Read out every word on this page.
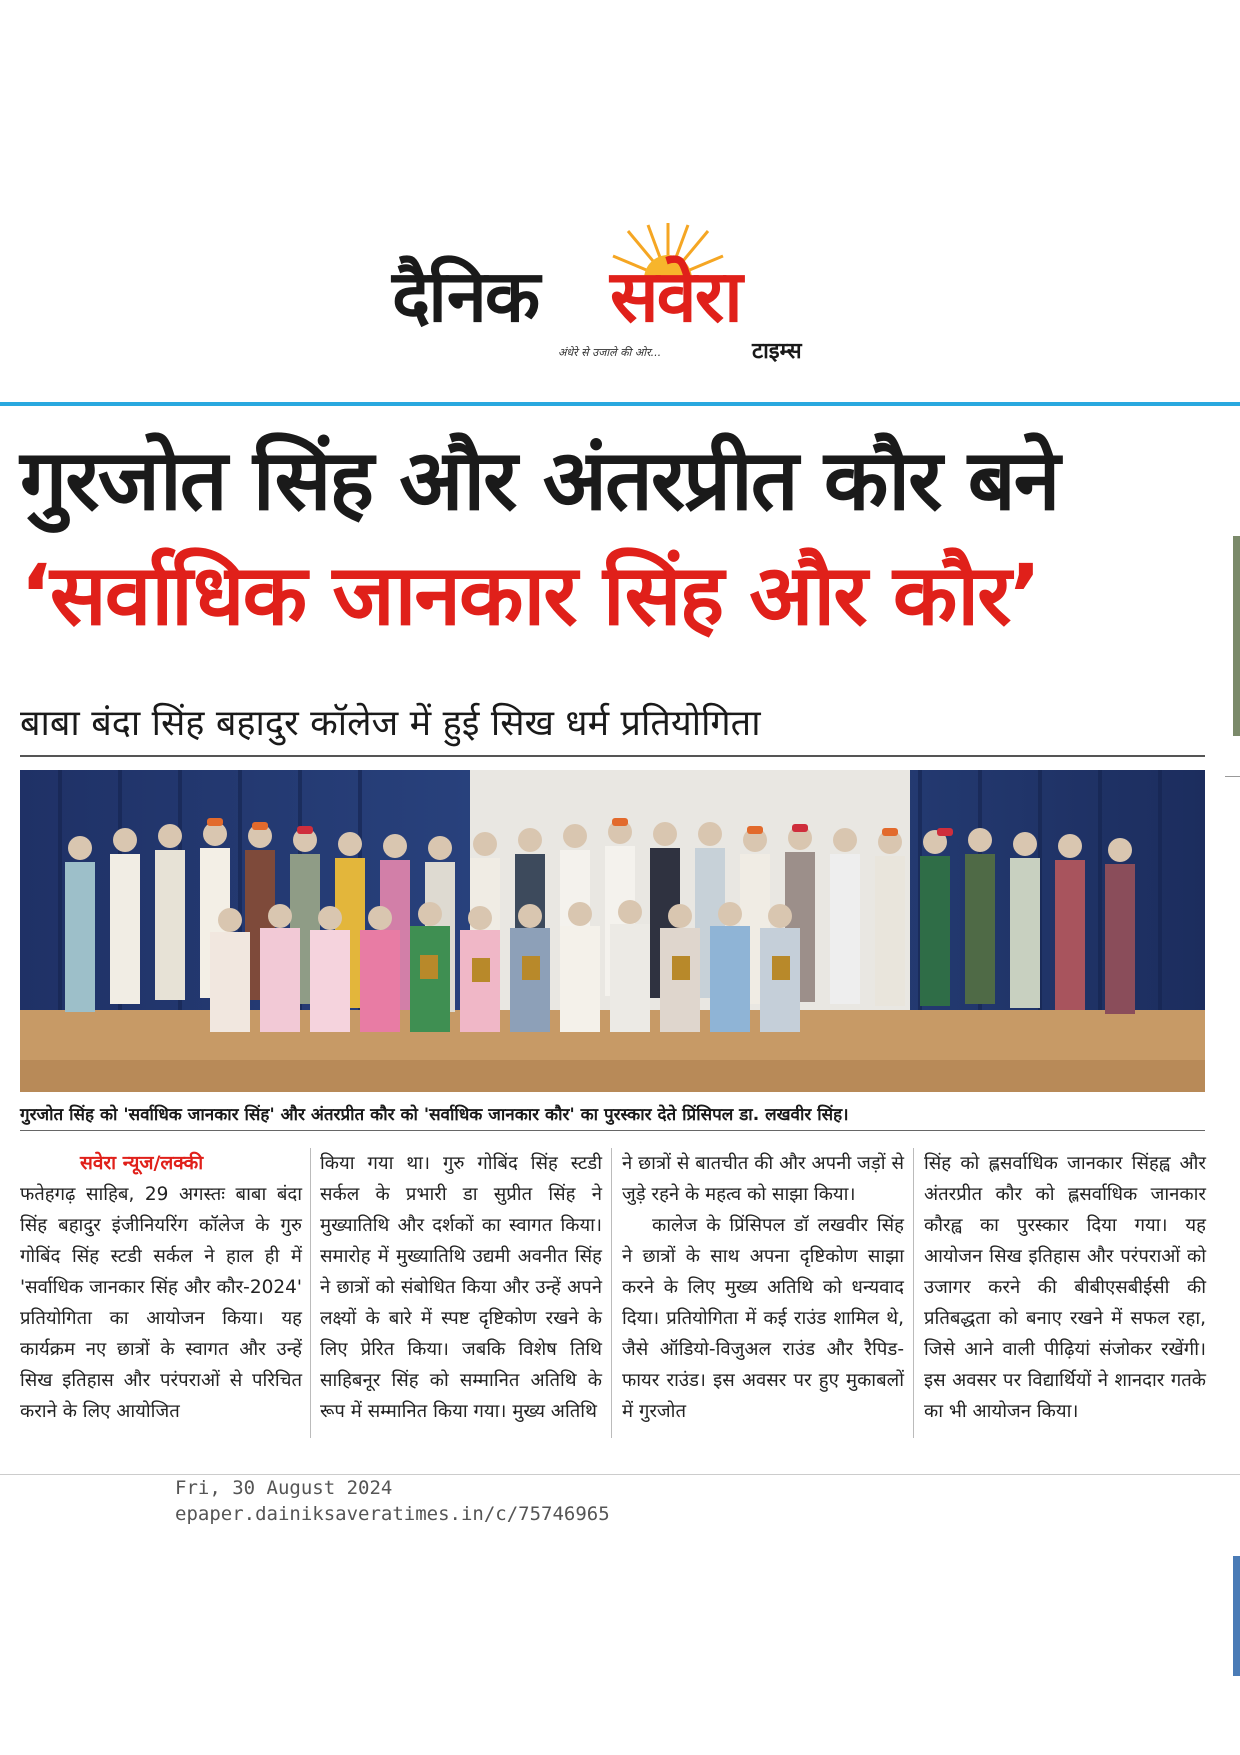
दैनिक सवेरा
अंधेरे से उजाले की ओर...	टाइम्स
गुरजोत सिंह और अंतरप्रीत कौर बने
‘सर्वाधिक जानकार सिंह और कौर’
बाबा बंदा सिंह बहादुर कॉलेज में हुई सिख धर्म प्रतियोगिता
गुरजोत सिंह को 'सर्वाधिक जानकार सिंह' और अंतरप्रीत कौर को 'सर्वाधिक जानकार कौर' का पुरस्कार देते प्रिंसिपल डा. लखवीर सिंह।
सवेरा न्यूज/लक्की

फतेहगढ़ साहिब, 29 अगस्तः बाबा बंदा सिंह बहादुर इंजीनियरिंग कॉलेज के गुरु गोबिंद सिंह स्टडी सर्कल ने हाल ही में 'सर्वाधिक जानकार सिंह और कौर-2024' प्रतियोगिता का आयोजन किया। यह कार्यक्रम नए छात्रों के स्वागत और उन्हें सिख इतिहास और परंपराओं से परिचित कराने के लिए आयोजित

किया गया था। गुरु गोबिंद सिंह स्टडी सर्कल के प्रभारी डा सुप्रीत सिंह ने मुख्यातिथि और दर्शकों का स्वागत किया। समारोह में मुख्यातिथि उद्यमी अवनीत सिंह ने छात्रों को संबोधित किया और उन्हें अपने लक्ष्यों के बारे में स्पष्ट दृष्टिकोण रखने के लिए प्रेरित किया। जबकि विशेष तिथि साहिबनूर सिंह को सम्मानित अतिथि के रूप में सम्मानित किया गया। मुख्य अतिथि

ने छात्रों से बातचीत की और अपनी जड़ों से जुड़े रहने के महत्व को साझा किया।

कालेज के प्रिंसिपल डॉ लखवीर सिंह ने छात्रों के साथ अपना दृष्टिकोण साझा करने के लिए मुख्य अतिथि को धन्यवाद दिया। प्रतियोगिता में कई राउंड शामिल थे, जैसे ऑडियो-विजुअल राउंड और रैपिड-फायर राउंड। इस अवसर पर हुए मुकाबलों में गुरजोत

सिंह को ह्लसर्वाधिक जानकार सिंहह्व और अंतरप्रीत कौर को ह्लसर्वाधिक जानकार कौरह्व का पुरस्कार दिया गया। यह आयोजन सिख इतिहास और परंपराओं को उजागर करने की बीबीएसबीईसी की प्रतिबद्धता को बनाए रखने में सफल रहा, जिसे आने वाली पीढ़ियां संजोकर रखेंगी। इस अवसर पर विद्यार्थियों ने शानदार गतके का भी आयोजन किया।

Fri, 30 August 2024
epaper.dainiksaveratimes.in/c/75746965
